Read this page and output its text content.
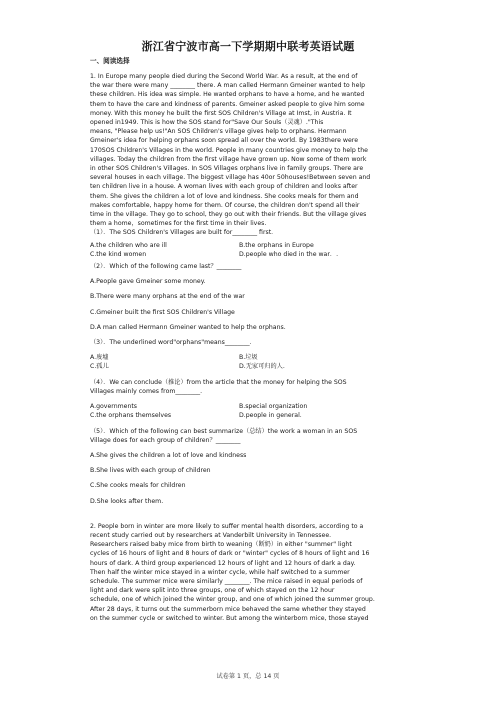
浙江省宁波市高一下学期期中联考英语试题
一、阅读选择

1. In Europe many people died during the Second World War. As a result, at the end of

the war there were many ________ there. A man called Hermann Gmeiner wanted to help

these children. His idea was simple. He wanted orphans to have a home, and he wanted

them to have the care and kindness of parents. Gmeiner asked people to give him some

money. With this money he built the first SOS Children's Village at Imst, in Austria. It

opened in1949. This is how the SOS stand for"Save Our Souls（灵魂）."This

means, "Please help us!"An SOS Children's village gives help to orphans. Hermann

Gmeiner's idea for helping orphans soon spread all over the world. By 1983there were

170SOS Children's Villages in the world. People in many countries give money to help the

villages. Today the children from the first village have grown up. Now some of them work

in other SOS Children's Villages. In SOS Villages orphans live in family groups. There are

several houses in each village. The biggest village has 40or 50houses!Between seven and

ten children live in a house. A woman lives with each group of children and looks after

them. She gives the children a lot of love and kindness. She cooks meals for them and

makes comfortable, happy home for them. Of course, the children don't spend all their

time in the village. They go to school, they go out with their friends. But the village gives

them a home，sometimes for the first time in their lives.

（1）．The SOS Children's Villages are built for________ first．

A.the children who are ill	B.the orphans in Europe
C.the kind women	D.people who died in the war．.

（2）．Which of the following came last？________

A.People gave Gmeiner some money.

B.There were many orphans at the end of the war

C.Gmeiner built the first SOS Children's Village

D.A man called Hermann Gmeiner wanted to help the orphans.

（3）．The underlined word"orphans"means________．

A.废墟	B.垃圾
C.孤儿	D.无家可归的人.

（4）．We can conclude（推论）from the article that the money for helping the SOS

Villages mainly comes from________.

A.governments	B.special organization
C.the orphans themselves	D.people in general．

（5）．Which of the following can best summarize（总结）the work a woman in an SOS

Village does for each group of children？________

A.She gives the children a lot of love and kindness

B.She lives with each group of children

C.She cooks meals for children

D.She looks after them.

2. People born in winter are more likely to suffer mental health disorders, according to a

recent study carried out by researchers at Vanderbilt University in Tennessee.

Researchers raised baby mice from birth to weaning（断奶）in either "summer" light

cycles of 16 hours of light and 8 hours of dark or "winter" cycles of 8 hours of light and 16

hours of dark. A third group experienced 12 hours of light and 12 hours of dark a day.

Then half the winter mice stayed in a winter cycle, while half switched to a summer

schedule. The summer mice were similarly ________. The mice raised in equal periods of

light and dark were split into three groups, one of which stayed on the 12 hour

schedule, one of which joined the winter group, and one of which joined the summer group.

After 28 days, it turns out the summerborn mice behaved the same whether they stayed

on the summer cycle or switched to winter. But among the winterborn mice, those stayed

试卷第 1 页，总 14 页
